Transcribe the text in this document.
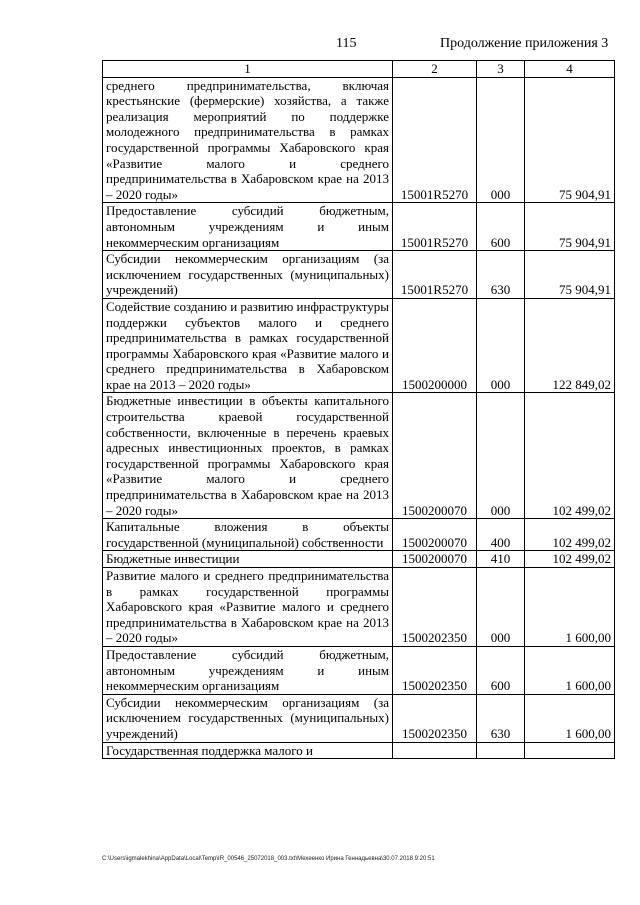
115	Продолжение приложения 3
1	2	3	4
среднего предпринимательства, включая крестьянские (фермерские) хозяйства, а также реализация мероприятий по поддержке молодежного предпринимательства в рамках государственной программы Хабаровского края «Развитие малого и среднего предпринимательства в Хабаровском крае на 2013 – 2020 годы»	15001R5270	000	75 904,91
Предоставление субсидий бюджетным, автономным учреждениям и иным некоммерческим организациям	15001R5270	600	75 904,91
Субсидии некоммерческим организациям (за исключением государственных (муниципальных) учреждений)	15001R5270	630	75 904,91
Содействие созданию и развитию инфраструктуры поддержки субъектов малого и среднего предпринимательства в рамках государственной программы Хабаровского края «Развитие малого и среднего предпринимательства в Хабаровском крае на 2013 – 2020 годы»	1500200000	000	122 849,02
Бюджетные инвестиции в объекты капитального строительства краевой государственной собственности, включенные в перечень краевых адресных инвестиционных проектов, в рамках государственной программы Хабаровского края «Развитие малого и среднего предпринимательства в Хабаровском крае на 2013 – 2020 годы»	1500200070	000	102 499,02
Капитальные вложения в объекты государственной (муниципальной) собственности	1500200070	400	102 499,02
Бюджетные инвестиции	1500200070	410	102 499,02
Развитие малого и среднего предпринимательства в рамках государственной программы Хабаровского края «Развитие малого и среднего предпринимательства в Хабаровском крае на 2013 – 2020 годы»	1500202350	000	1 600,00
Предоставление субсидий бюджетным, автономным учреждениям и иным некоммерческим организациям	1500202350	600	1 600,00
Субсидии некоммерческим организациям (за исключением государственных (муниципальных) учреждений)	1500202350	630	1 600,00
Государственная поддержка малого и			
C:\Users\igmalekhina\AppData\Local\Temp\IR_00546_25072018_003.txt\Мехеенко Ирина Геннадьевна\30.07.2018 9:20:51
